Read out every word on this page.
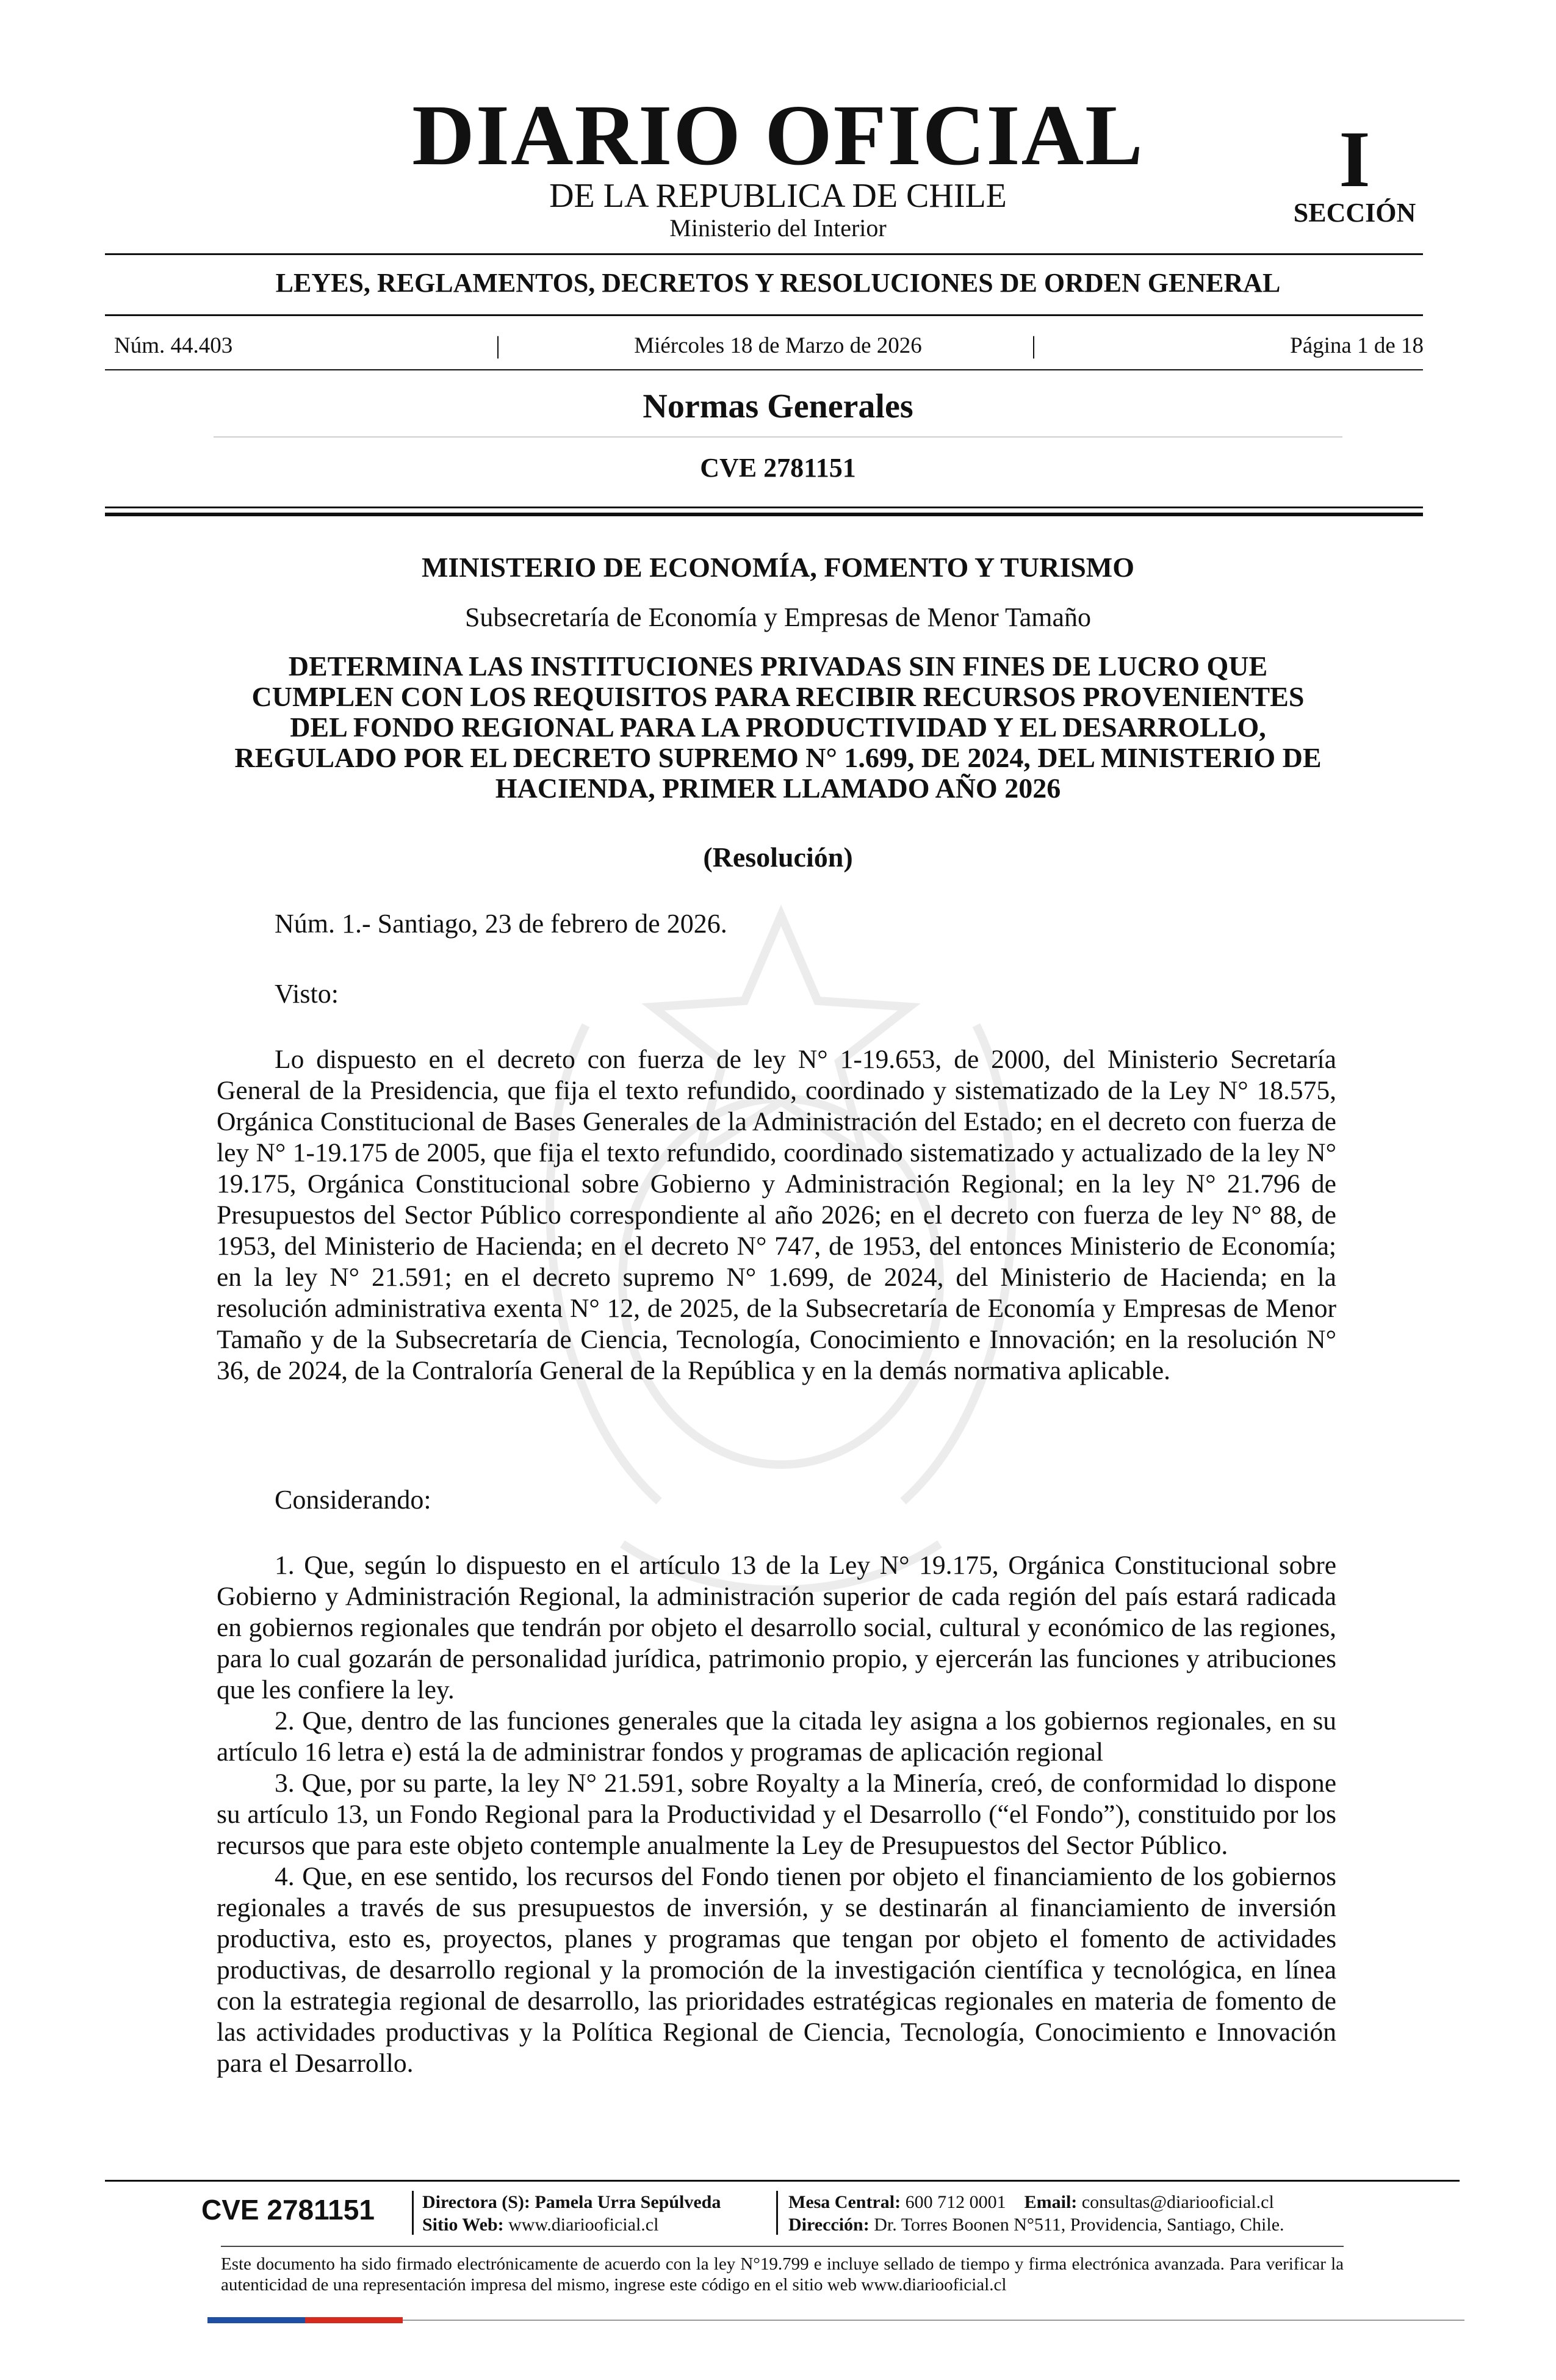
DIARIO OFICIAL
DE LA REPUBLICA DE CHILE
Ministerio del Interior
I
SECCIÓN
LEYES, REGLAMENTOS, DECRETOS Y RESOLUCIONES DE ORDEN GENERAL
Núm. 44.403	|	Miércoles 18 de Marzo de 2026	|	Página 1 de 18
Normas Generales
CVE 2781151
MINISTERIO DE ECONOMÍA, FOMENTO Y TURISMO
Subsecretaría de Economía y Empresas de Menor Tamaño
DETERMINA LAS INSTITUCIONES PRIVADAS SIN FINES DE LUCRO QUE
CUMPLEN CON LOS REQUISITOS PARA RECIBIR RECURSOS PROVENIENTES
DEL FONDO REGIONAL PARA LA PRODUCTIVIDAD Y EL DESARROLLO,
REGULADO POR EL DECRETO SUPREMO N° 1.699, DE 2024, DEL MINISTERIO DE
HACIENDA, PRIMER LLAMADO AÑO 2026
(Resolución)
Núm. 1.- Santiago, 23 de febrero de 2026.
Visto:

Lo dispuesto en el decreto con fuerza de ley N° 1-19.653, de 2000, del Ministerio Secretaría General de la Presidencia, que fija el texto refundido, coordinado y sistematizado de la Ley N° 18.575, Orgánica Constitucional de Bases Generales de la Administración del Estado; en el decreto con fuerza de ley N° 1-19.175 de 2005, que fija el texto refundido, coordinado sistematizado y actualizado de la ley N° 19.175, Orgánica Constitucional sobre Gobierno y Administración Regional; en la ley N° 21.796 de Presupuestos del Sector Público correspondiente al año 2026; en el decreto con fuerza de ley N° 88, de 1953, del Ministerio de Hacienda; en el decreto N° 747, de 1953, del entonces Ministerio de Economía; en la ley N° 21.591; en el decreto supremo N° 1.699, de 2024, del Ministerio de Hacienda; en la resolución administrativa exenta N° 12, de 2025, de la Subsecretaría de Economía y Empresas de Menor Tamaño y de la Subsecretaría de Ciencia, Tecnología, Conocimiento e Innovación; en la resolución N° 36, de 2024, de la Contraloría General de la República y en la demás normativa aplicable.

Considerando:

1. Que, según lo dispuesto en el artículo 13 de la Ley N° 19.175, Orgánica Constitucional sobre Gobierno y Administración Regional, la administración superior de cada región del país estará radicada en gobiernos regionales que tendrán por objeto el desarrollo social, cultural y económico de las regiones, para lo cual gozarán de personalidad jurídica, patrimonio propio, y ejercerán las funciones y atribuciones que les confiere la ley.

2. Que, dentro de las funciones generales que la citada ley asigna a los gobiernos regionales, en su artículo 16 letra e) está la de administrar fondos y programas de aplicación regional

3. Que, por su parte, la ley N° 21.591, sobre Royalty a la Minería, creó, de conformidad lo dispone su artículo 13, un Fondo Regional para la Productividad y el Desarrollo (“el Fondo”), constituido por los recursos que para este objeto contemple anualmente la Ley de Presupuestos del Sector Público.

4. Que, en ese sentido, los recursos del Fondo tienen por objeto el financiamiento de los gobiernos regionales a través de sus presupuestos de inversión, y se destinarán al financiamiento de inversión productiva, esto es, proyectos, planes y programas que tengan por objeto el fomento de actividades productivas, de desarrollo regional y la promoción de la investigación científica y tecnológica, en línea con la estrategia regional de desarrollo, las prioridades estratégicas regionales en materia de fomento de las actividades productivas y la Política Regional de Ciencia, Tecnología, Conocimiento e Innovación para el Desarrollo.

CVE 2781151	Directora (S): Pamela Urra Sepúlveda
Sitio Web: www.diariooficial.cl
Mesa Central: 600 712 0001 Email: consultas@diariooficial.cl
Dirección: Dr. Torres Boonen N°511, Providencia, Santiago, Chile.
Este documento ha sido firmado electrónicamente de acuerdo con la ley N°19.799 e incluye sellado de tiempo y firma electrónica avanzada. Para verificar la autenticidad de una representación impresa del mismo, ingrese este código en el sitio web www.diariooficial.cl
